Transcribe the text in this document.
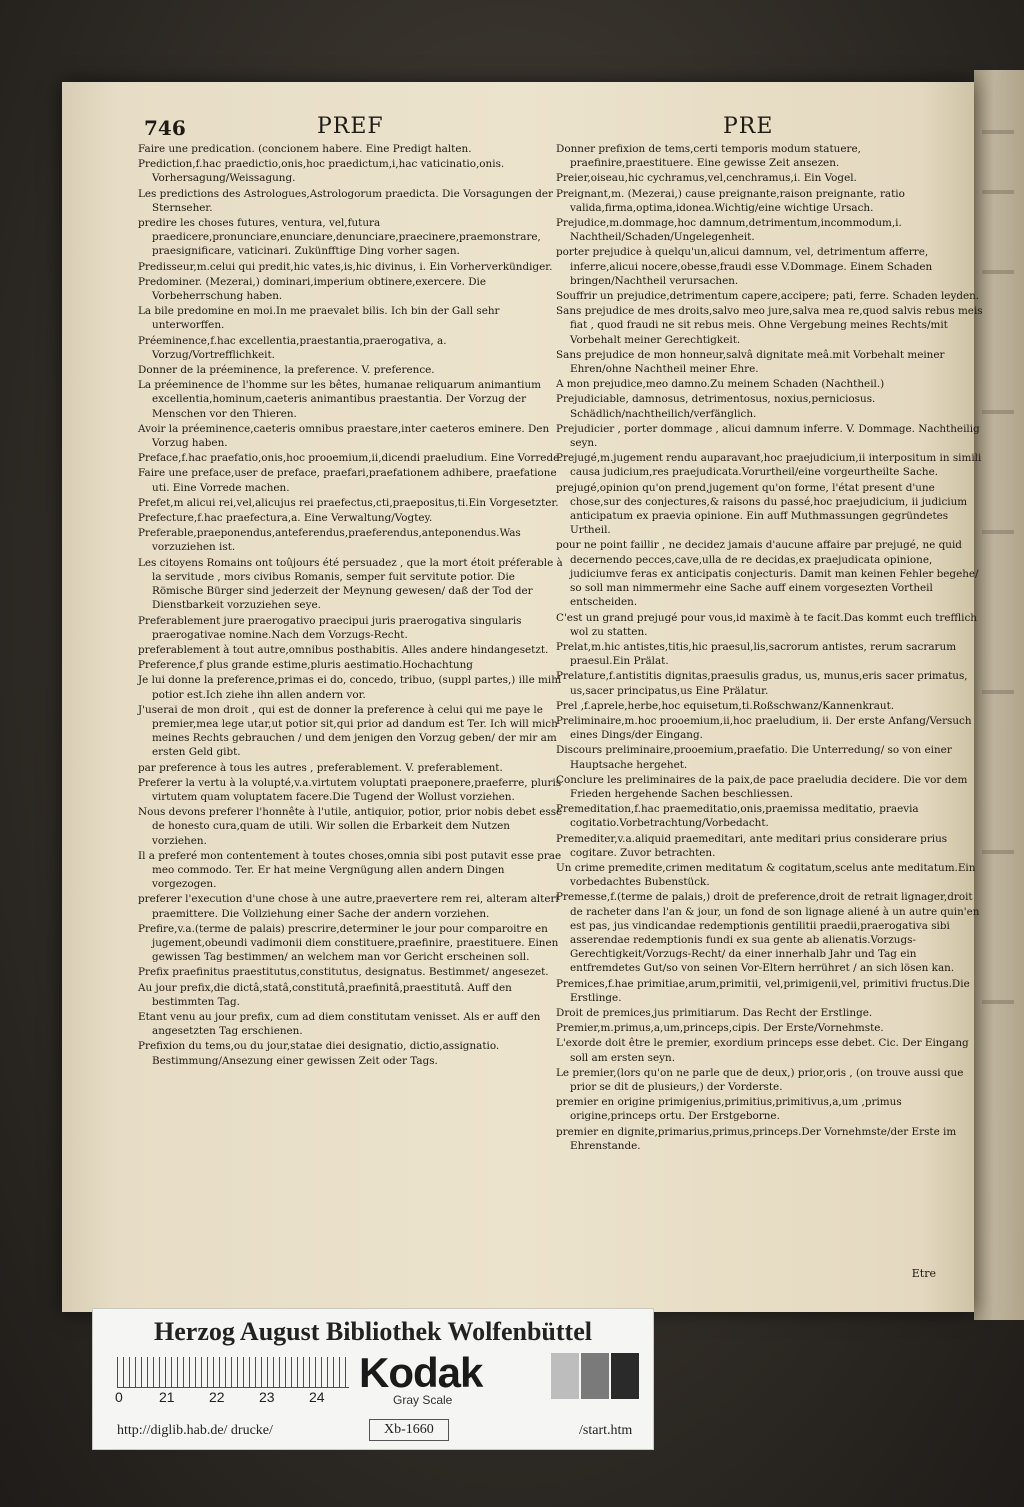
746	PREF	PRE
Faire une predication. (concionem habere. Eine Predigt halten.
Prediction,f.hac praedictio,onis,hoc praedictum,i,hac vaticinatio,onis. Vorhersagung/Weissagung.
Les predictions des Astrologues,Astrologorum praedicta. Die Vorsagungen der Sternseher.
predire les choses futures, ventura, vel,futura praedicere,pronunciare,enunciare,denunciare,praecinere,praemonstrare, praesignificare, vaticinari. Zukünfftige Ding vorher sagen.
Predisseur,m.celui qui predit,hic vates,is,hic divinus, i. Ein Vorherverkündiger.
Predominer. (Mezerai,) dominari,imperium obtinere,exercere. Die Vorbeherrschung haben.
La bile predomine en moi.In me praevalet bilis. Ich bin der Gall sehr unterworffen.
Préeminence,f.hac excellentia,praestantia,praerogativa, a. Vorzug/Vortrefflichkeit.
Donner de la préeminence, la preference. V. preference.
La préeminence de l'homme sur les bêtes, humanae reliquarum animantium excellentia,hominum,caeteris animantibus praestantia. Der Vorzug der Menschen vor den Thieren.
Avoir la préeminence,caeteris omnibus praestare,inter caeteros eminere. Den Vorzug haben.
Preface,f.hac praefatio,onis,hoc prooemium,ii,dicendi praeludium. Eine Vorrede.
Faire une preface,user de preface, praefari,praefationem adhibere, praefatione uti. Eine Vorrede machen.
Prefet,m alicui rei,vel,alicujus rei praefectus,cti,praepositus,ti.Ein Vorgesetzter.
Prefecture,f.hac praefectura,a. Eine Verwaltung/Vogtey.
Preferable,praeponendus,anteferendus,praeferendus,anteponendus.Was vorzuziehen ist.
Les citoyens Romains ont toûjours été persuadez , que la mort étoit préferable à la servitude , mors civibus Romanis, semper fuit servitute potior. Die Römische Bürger sind jederzeit der Meynung gewesen/ daß der Tod der Dienstbarkeit vorzuziehen seye.
Preferablement jure praerogativo praecipui juris praerogativa singularis praerogativae nomine.Nach dem Vorzugs-Recht.
preferablement à tout autre,omnibus posthabitis. Alles andere hindangesetzt.
Preference,f plus grande estime,pluris aestimatio.Hochachtung
Je lui donne la preference,primas ei do, concedo, tribuo, (suppl partes,) ille mihi potior est.Ich ziehe ihn allen andern vor.
J'userai de mon droit , qui est de donner la preference à celui qui me paye le premier,mea lege utar,ut potior sit,qui prior ad dandum est Ter. Ich will mich meines Rechts gebrauchen / und dem jenigen den Vorzug geben/ der mir am ersten Geld gibt.
par preference à tous les autres , preferablement. V. preferablement.
Preferer la vertu à la volupté,v.a.virtutem voluptati praeponere,praeferre, pluris virtutem quam voluptatem facere.Die Tugend der Wollust vorziehen.
Nous devons preferer l'honnête à l'utile, antiquior, potior, prior nobis debet esse de honesto cura,quam de utili. Wir sollen die Erbarkeit dem Nutzen vorziehen.
Il a preferé mon contentement à toutes choses,omnia sibi post putavit esse prae meo commodo. Ter. Er hat meine Vergnügung allen andern Dingen vorgezogen.
preferer l'execution d'une chose à une autre,praevertere rem rei, alteram alteri praemittere. Die Vollziehung einer Sache der andern vorziehen.
Prefire,v.a.(terme de palais) prescrire,determiner le jour pour comparoitre en jugement,obeundi vadimonii diem constituere,praefinire, praestituere. Einen gewissen Tag bestimmen/ an welchem man vor Gericht erscheinen soll.
Prefix praefinitus praestitutus,constitutus, designatus. Bestimmet/ angesezet.
Au jour prefix,die dictâ,statâ,constitutâ,praefinitâ,praestitutâ. Auff den bestimmten Tag.
Etant venu au jour prefix, cum ad diem constitutam venisset. Als er auff den angesetzten Tag erschienen.
Prefixion du tems,ou du jour,statae diei designatio, dictio,assignatio. Bestimmung/Ansezung einer gewissen Zeit oder Tags.
Donner prefixion de tems,certi temporis modum statuere, praefinire,praestituere. Eine gewisse Zeit ansezen.
Preier,oiseau,hic cychramus,vel,cenchramus,i. Ein Vogel.
Preignant,m. (Mezerai,) cause preignante,raison preignante, ratio valida,firma,optima,idonea.Wichtig/eine wichtige Ursach.
Prejudice,m.dommage,hoc damnum,detrimentum,incommodum,i. Nachtheil/Schaden/Ungelegenheit.
porter prejudice à quelqu'un,alicui damnum, vel, detrimentum afferre, inferre,alicui nocere,obesse,fraudi esse V.Dommage. Einem Schaden bringen/Nachtheil verursachen.
Souffrir un prejudice,detrimentum capere,accipere; pati, ferre. Schaden leyden.
Sans prejudice de mes droits,salvo meo jure,salva mea re,quod salvis rebus meis fiat , quod fraudi ne sit rebus meis. Ohne Vergebung meines Rechts/mit Vorbehalt meiner Gerechtigkeit.
Sans prejudice de mon honneur,salvâ dignitate meâ.mit Vorbehalt meiner Ehren/ohne Nachtheil meiner Ehre.
A mon prejudice,meo damno.Zu meinem Schaden (Nachtheil.)
Prejudiciable, damnosus, detrimentosus, noxius,perniciosus. Schädlich/nachtheilich/verfänglich.
Prejudicier , porter dommage , alicui damnum inferre. V. Dommage. Nachtheilig seyn.
Prejugé,m.jugement rendu auparavant,hoc praejudicium,ii interpositum in simili causa judicium,res praejudicata.Vorurtheil/eine vorgeurtheilte Sache.
prejugé,opinion qu'on prend,jugement qu'on forme, l'état present d'une chose,sur des conjectures,& raisons du passé,hoc praejudicium, ii judicium anticipatum ex praevia opinione. Ein auff Muthmassungen gegründetes Urtheil.
pour ne point faillir , ne decidez jamais d'aucune affaire par prejugé, ne quid decernendo pecces,cave,ulla de re decidas,ex praejudicata opinione, judiciumve feras ex anticipatis conjecturis. Damit man keinen Fehler begehe/ so soll man nimmermehr eine Sache auff einem vorgesezten Vortheil entscheiden.
C'est un grand prejugé pour vous,id maximè à te facit.Das kommt euch trefflich wol zu statten.
Prelat,m.hic antistes,titis,hic praesul,lis,sacrorum antistes, rerum sacrarum praesul.Ein Prälat.
Prelature,f.antistitis dignitas,praesulis gradus, us, munus,eris sacer primatus, us,sacer principatus,us Eine Prälatur.
Prel ,f.aprele,herbe,hoc equisetum,ti.Roßschwanz/Kannenkraut.
Preliminaire,m.hoc prooemium,ii,hoc praeludium, ii. Der erste Anfang/Versuch eines Dings/der Eingang.
Discours preliminaire,prooemium,praefatio. Die Unterredung/ so von einer Hauptsache hergehet.
Conclure les preliminaires de la paix,de pace praeludia decidere. Die vor dem Frieden hergehende Sachen beschliessen.
Premeditation,f.hac praemeditatio,onis,praemissa meditatio, praevia cogitatio.Vorbetrachtung/Vorbedacht.
Premediter,v.a.aliquid praemeditari, ante meditari prius considerare prius cogitare. Zuvor betrachten.
Un crime premedite,crimen meditatum & cogitatum,scelus ante meditatum.Ein vorbedachtes Bubenstück.
Premesse,f.(terme de palais,) droit de preference,droit de retrait lignager,droit de racheter dans l'an & jour, un fond de son lignage aliené à un autre quin'en est pas, jus vindicandae redemptionis gentilitii praedii,praerogativa sibi asserendae redemptionis fundi ex sua gente ab alienatis.Vorzugs-Gerechtigkeit/Vorzugs-Recht/ da einer innerhalb Jahr und Tag ein entfremdetes Gut/so von seinen Vor-Eltern herrühret / an sich lösen kan.
Premices,f.hae primitiae,arum,primitii, vel,primigenii,vel, primitivi fructus.Die Erstlinge.
Droit de premices,jus primitiarum. Das Recht der Erstlinge.
Premier,m.primus,a,um,princeps,cipis. Der Erste/Vornehmste.
L'exorde doit être le premier, exordium princeps esse debet. Cic. Der Eingang soll am ersten seyn.
Le premier,(lors qu'on ne parle que de deux,) prior,oris , (on trouve aussi que prior se dit de plusieurs,) der Vorderste.
premier en origine primigenius,primitius,primitivus,a,um ,primus origine,princeps ortu. Der Erstgeborne.
premier en dignite,primarius,primus,princeps.Der Vornehmste/der Erste im Ehrenstande.
Etre
Herzog August Bibliothek Wolfenbüttel
0	21 22 23 24
Kodak
Gray Scale
http://diglib.hab.de/ drucke/	Xb-1660	/start.htm
